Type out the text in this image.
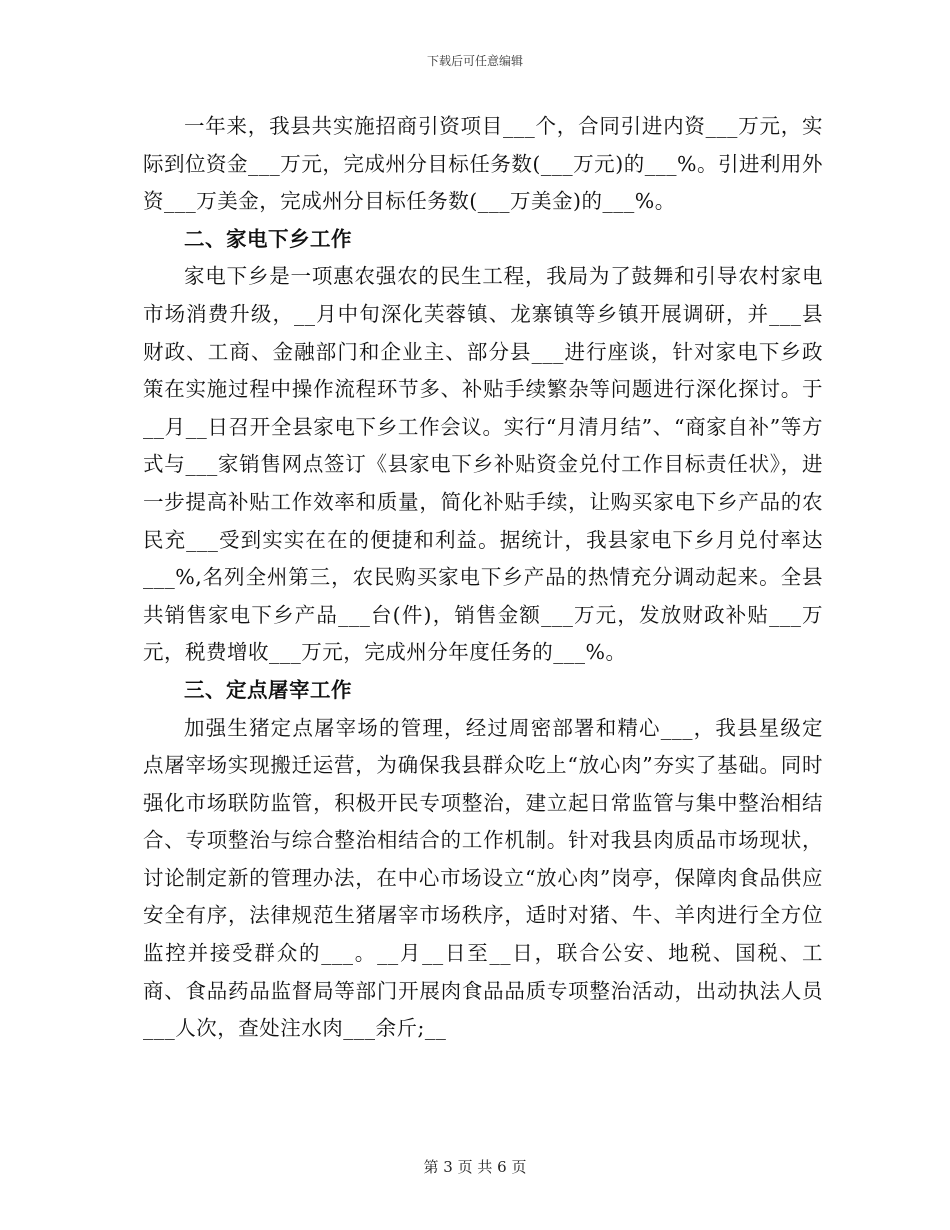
下载后可任意编辑

一年来，我县共实施招商引资项目___个，合同引进内资___万元，实际到位资金___万元，完成州分目标任务数(___万元)的___%。引进利用外资___万美金，完成州分目标任务数(___万美金)的___%。

二、家电下乡工作

家电下乡是一项惠农强农的民生工程，我局为了鼓舞和引导农村家电市场消费升级，__月中旬深化芙蓉镇、龙寨镇等乡镇开展调研，并___县财政、工商、金融部门和企业主、部分县___进行座谈，针对家电下乡政策在实施过程中操作流程环节多、补贴手续繁杂等问题进行深化探讨。于__月__日召开全县家电下乡工作会议。实行“月清月结”、“商家自补”等方式与___家销售网点签订《县家电下乡补贴资金兑付工作目标责任状》，进一步提高补贴工作效率和质量，简化补贴手续，让购买家电下乡产品的农民充___受到实实在在的便捷和利益。据统计，我县家电下乡月兑付率达___%,名列全州第三，农民购买家电下乡产品的热情充分调动起来。全县共销售家电下乡产品___台(件)，销售金额___万元，发放财政补贴___万元，税费增收___万元，完成州分年度任务的___%。

三、定点屠宰工作

加强生猪定点屠宰场的管理，经过周密部署和精心___，我县星级定点屠宰场实现搬迁运营，为确保我县群众吃上“放心肉”夯实了基础。同时强化市场联防监管，积极开民专项整治，建立起日常监管与集中整治相结合、专项整治与综合整治相结合的工作机制。针对我县肉质品市场现状，讨论制定新的管理办法，在中心市场设立“放心肉”岗亭，保障肉食品供应安全有序，法律规范生猪屠宰市场秩序，适时对猪、牛、羊肉进行全方位监控并接受群众的___。__月__日至__日，联合公安、地税、国税、工商、食品药品监督局等部门开展肉食品品质专项整治活动，出动执法人员___人次，查处注水肉___余斤;__

第 3 页 共 6 页
